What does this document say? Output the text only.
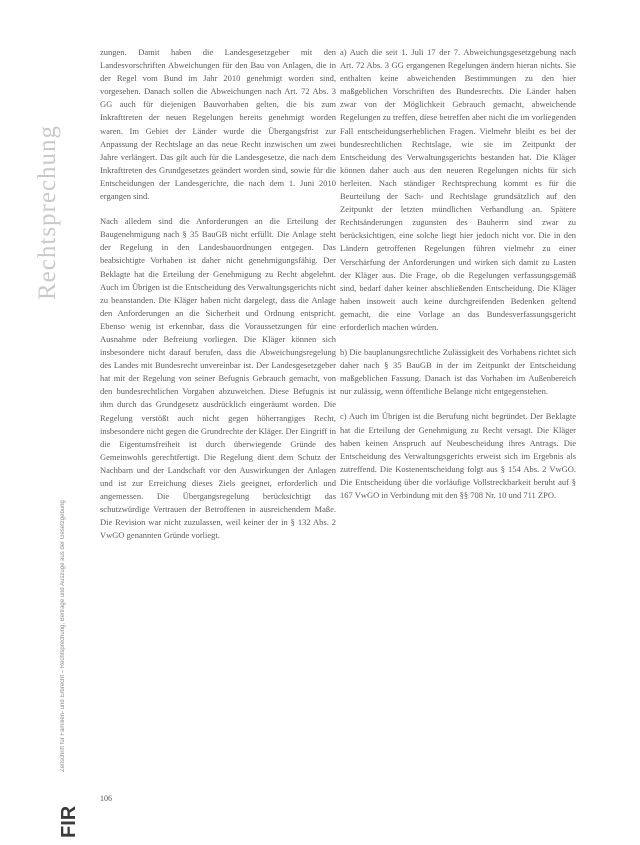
Rechtsprechung
Zeitschrift für Familien- und Erbrecht – Rechtsprechung, Beiträge und Auszüge aus der Gesetzgebung
FIR

zungen. Damit haben die Landesgesetzgeber mit den Landesvorschriften Abweichungen für den Bau von Anlagen, die in der Regel vom Bund im Jahr 2010 genehmigt worden sind, vorgesehen. Danach sollen die Abweichungen nach Art. 72 Abs. 3 GG auch für diejenigen Bauvorhaben gelten, die bis zum Inkrafttreten der neuen Regelungen bereits genehmigt worden waren. Im Gebiet der Länder wurde die Übergangsfrist zur Anpassung der Rechtslage an das neue Recht inzwischen um zwei Jahre verlängert. Das gilt auch für die Landesgesetze, die nach dem Inkrafttreten des Grundgesetzes geändert worden sind, sowie für die Entscheidungen der Landesgerichte, die nach dem 1. Juni 2010 ergangen sind.

Nach alledem sind die Anforderungen an die Erteilung der Baugenehmigung nach § 35 BauGB nicht erfüllt. Die Anlage steht der Regelung in den Landesbauordnungen entgegen. Das beabsichtigte Vorhaben ist daher nicht genehmigungsfähig. Der Beklagte hat die Erteilung der Genehmigung zu Recht abgelehnt. Auch im Übrigen ist die Entscheidung des Verwaltungsgerichts nicht zu beanstanden. Die Kläger haben nicht dargelegt, dass die Anlage den Anforderungen an die Sicherheit und Ordnung entspricht. Ebenso wenig ist erkennbar, dass die Voraussetzungen für eine Ausnahme oder Befreiung vorliegen. Die Kläger können sich insbesondere nicht darauf berufen, dass die Abweichungsregelung des Landes mit Bundesrecht unvereinbar ist. Der Landesgesetzgeber hat mit der Regelung von seiner Befugnis Gebrauch gemacht, von den bundesrechtlichen Vorgaben abzuweichen. Diese Befugnis ist ihm durch das Grundgesetz ausdrücklich eingeräumt worden. Die Regelung verstößt auch nicht gegen höherrangiges Recht, insbesondere nicht gegen die Grundrechte der Kläger. Der Eingriff in die Eigentumsfreiheit ist durch überwiegende Gründe des Gemeinwohls gerechtfertigt. Die Regelung dient dem Schutz der Nachbarn und der Landschaft vor den Auswirkungen der Anlagen und ist zur Erreichung dieses Ziels geeignet, erforderlich und angemessen. Die Übergangsregelung berücksichtigt das schutzwürdige Vertrauen der Betroffenen in ausreichendem Maße. Die Revision war nicht zuzulassen, weil keiner der in § 132 Abs. 2 VwGO genannten Gründe vorliegt.

a) Auch die seit 1. Juli 17 der 7. Abweichungsgesetzgebung nach Art. 72 Abs. 3 GG ergangenen Regelungen ändern hieran nichts. Sie enthalten keine abweichenden Bestimmungen zu den hier maßgeblichen Vorschriften des Bundesrechts. Die Länder haben zwar von der Möglichkeit Gebrauch gemacht, abweichende Regelungen zu treffen, diese betreffen aber nicht die im vorliegenden Fall entscheidungserheblichen Fragen. Vielmehr bleibt es bei der bundesrechtlichen Rechtslage, wie sie im Zeitpunkt der Entscheidung des Verwaltungsgerichts bestanden hat. Die Kläger können daher auch aus den neueren Regelungen nichts für sich herleiten. Nach ständiger Rechtsprechung kommt es für die Beurteilung der Sach- und Rechtslage grundsätzlich auf den Zeitpunkt der letzten mündlichen Verhandlung an. Spätere Rechtsänderungen zugunsten des Bauherrn sind zwar zu berücksichtigen, eine solche liegt hier jedoch nicht vor. Die in den Ländern getroffenen Regelungen führen vielmehr zu einer Verschärfung der Anforderungen und wirken sich damit zu Lasten der Kläger aus. Die Frage, ob die Regelungen verfassungsgemäß sind, bedarf daher keiner abschließenden Entscheidung. Die Kläger haben insoweit auch keine durchgreifenden Bedenken geltend gemacht, die eine Vorlage an das Bundesverfassungsgericht erforderlich machen würden.

b) Die bauplanungsrechtliche Zulässigkeit des Vorhabens richtet sich daher nach § 35 BauGB in der im Zeitpunkt der Entscheidung maßgeblichen Fassung. Danach ist das Vorhaben im Außenbereich nur zulässig, wenn öffentliche Belange nicht entgegenstehen.

c) Auch im Übrigen ist die Berufung nicht begründet. Der Beklagte hat die Erteilung der Genehmigung zu Recht versagt. Die Kläger haben keinen Anspruch auf Neubescheidung ihres Antrags. Die Entscheidung des Verwaltungsgerichts erweist sich im Ergebnis als zutreffend. Die Kostenentscheidung folgt aus § 154 Abs. 2 VwGO. Die Entscheidung über die vorläufige Vollstreckbarkeit beruht auf § 167 VwGO in Verbindung mit den §§ 708 Nr. 10 und 711 ZPO.

106
